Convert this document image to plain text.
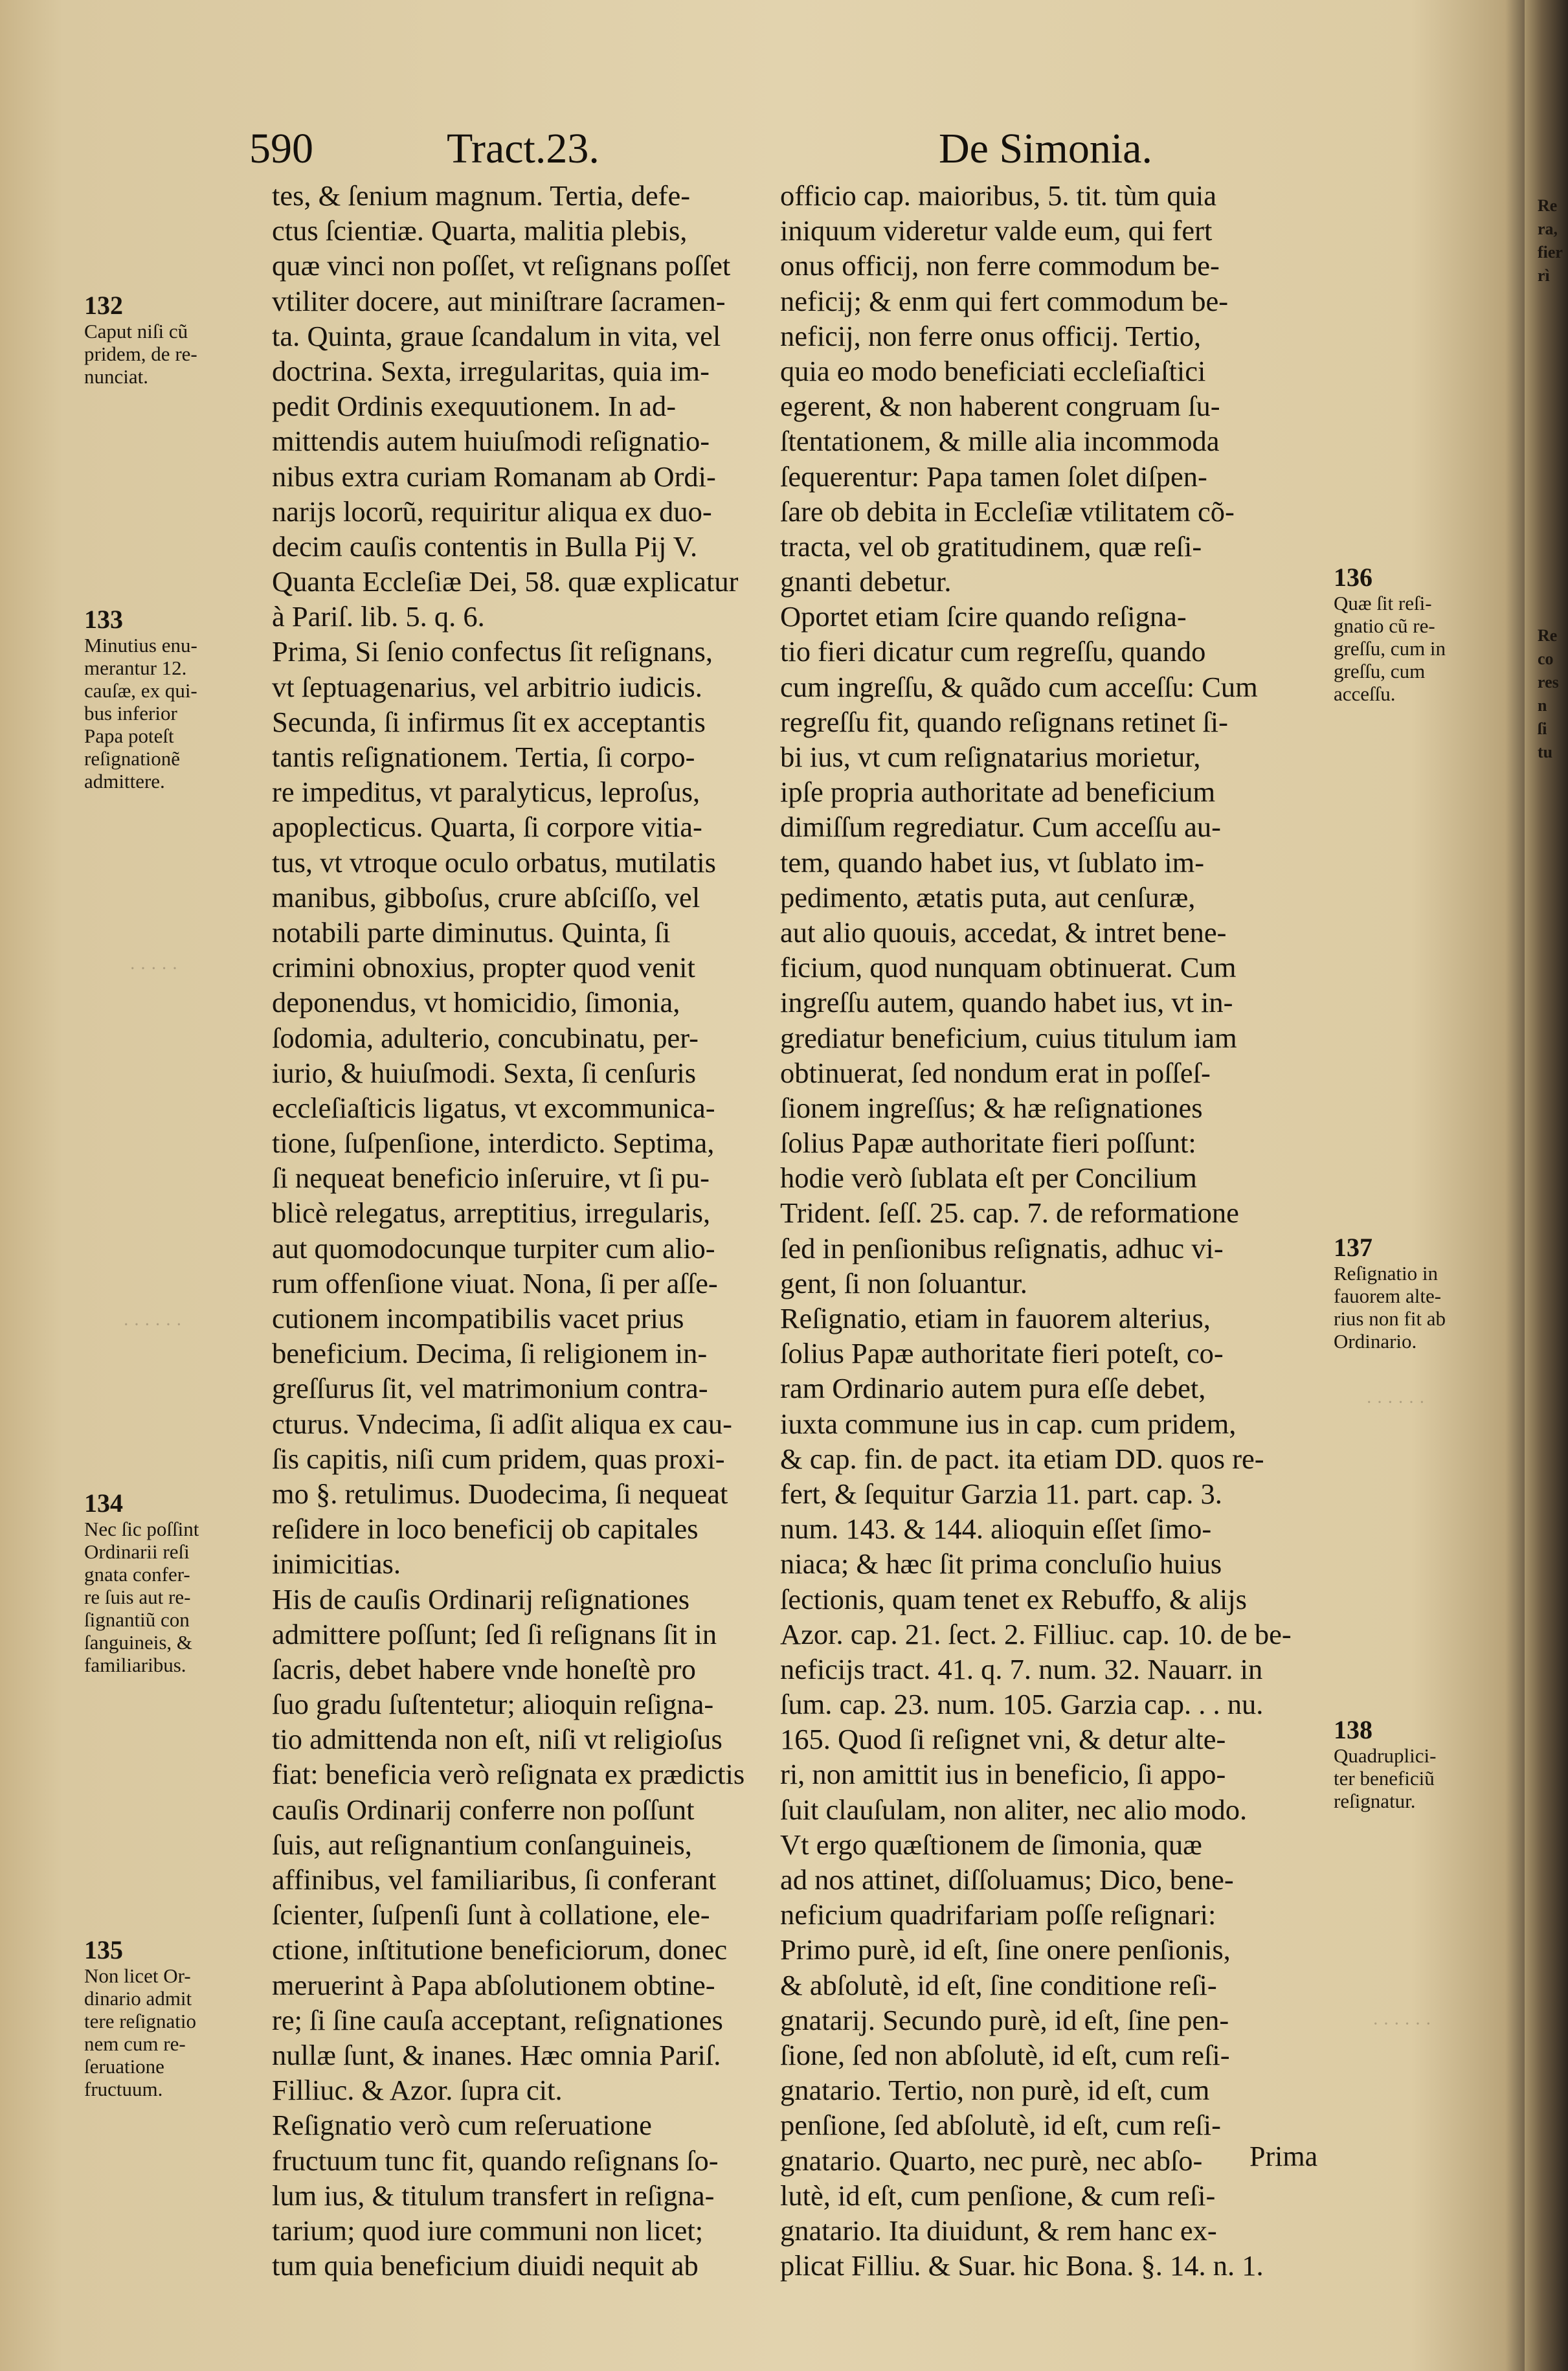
Re
ra,
fier
rì
Re
co
res
n
ſi
tu
590	Tract.23.	De Simonia.
tes, & ſenium magnum. Tertia, defe-
ctus ſcientiæ. Quarta, malitia plebis,
quæ vinci non poſſet, vt reſignans poſſet
vtiliter docere, aut miniſtrare ſacramen-
ta. Quinta, graue ſcandalum in vita, vel
doctrina. Sexta, irregularitas, quia im-
pedit Ordinis exequutionem. In ad-
mittendis autem huiuſmodi reſignatio-
nibus extra curiam Romanam ab Ordi-
narijs locorũ, requiritur aliqua ex duo-
decim cauſis contentis in Bulla Pij V.
Quanta Eccleſiæ Dei, 58. quæ explicatur
à Pariſ. lib. 5. q. 6.
Prima, Si ſenio confectus ſit reſignans,
vt ſeptuagenarius, vel arbitrio iudicis.
Secunda, ſi infirmus ſit ex acceptantis
tantis reſignationem. Tertia, ſi corpo-
re impeditus, vt paralyticus, leproſus,
apoplecticus. Quarta, ſi corpore vitia-
tus, vt vtroque oculo orbatus, mutilatis
manibus, gibboſus, crure abſciſſo, vel
notabili parte diminutus. Quinta, ſi
crimini obnoxius, propter quod venit
deponendus, vt homicidio, ſimonia,
ſodomia, adulterio, concubinatu, per-
iurio, & huiuſmodi. Sexta, ſi cenſuris
eccleſiaſticis ligatus, vt excommunica-
tione, ſuſpenſione, interdicto. Septima,
ſi nequeat beneficio inſeruire, vt ſi pu-
blicè relegatus, arreptitius, irregularis,
aut quomodocunque turpiter cum alio-
rum offenſione viuat. Nona, ſi per aſſe-
cutionem incompatibilis vacet prius
beneficium. Decima, ſi religionem in-
greſſurus ſit, vel matrimonium contra-
cturus. Vndecima, ſi adſit aliqua ex cau-
ſis capitis, niſi cum pridem, quas proxi-
mo §. retulimus. Duodecima, ſi nequeat
reſidere in loco beneficij ob capitales
inimicitias.
His de cauſis Ordinarij reſignationes
admittere poſſunt; ſed ſi reſignans ſit in
ſacris, debet habere vnde honeſtè pro
ſuo gradu ſuſtentetur; alioquin reſigna-
tio admittenda non eſt, niſi vt religioſus
fiat: beneficia verò reſignata ex prædictis
cauſis Ordinarij conferre non poſſunt
ſuis, aut reſignantium conſanguineis,
affinibus, vel familiaribus, ſi conferant
ſcienter, ſuſpenſi ſunt à collatione, ele-
ctione, inſtitutione beneficiorum, donec
meruerint à Papa abſolutionem obtine-
re; ſi ſine cauſa acceptant, reſignationes
nullæ ſunt, & inanes. Hæc omnia Pariſ.
Filliuc. & Azor. ſupra cit.
Reſignatio verò cum reſeruatione
fructuum tunc fit, quando reſignans ſo-
lum ius, & titulum transfert in reſigna-
tarium; quod iure communi non licet;
tum quia beneficium diuidi nequit ab
officio cap. maioribus, 5. tit. tùm quia
iniquum videretur valde eum, qui fert
onus officij, non ferre commodum be-
neficij; & enm qui fert commodum be-
neficij, non ferre onus officij. Tertio,
quia eo modo beneficiati eccleſiaſtici
egerent, & non haberent congruam ſu-
ſtentationem, & mille alia incommoda
ſequerentur: Papa tamen ſolet diſpen-
ſare ob debita in Eccleſiæ vtilitatem cõ-
tracta, vel ob gratitudinem, quæ reſi-
gnanti debetur.
Oportet etiam ſcire quando reſigna-
tio fieri dicatur cum regreſſu, quando
cum ingreſſu, & quãdo cum acceſſu: Cum
regreſſu fit, quando reſignans retinet ſi-
bi ius, vt cum reſignatarius morietur,
ipſe propria authoritate ad beneficium
dimiſſum regrediatur. Cum acceſſu au-
tem, quando habet ius, vt ſublato im-
pedimento, ætatis puta, aut cenſuræ,
aut alio quouis, accedat, & intret bene-
ficium, quod nunquam obtinuerat. Cum
ingreſſu autem, quando habet ius, vt in-
grediatur beneficium, cuius titulum iam
obtinuerat, ſed nondum erat in poſſeſ-
ſionem ingreſſus; & hæ reſignationes
ſolius Papæ authoritate fieri poſſunt:
hodie verò ſublata eſt per Concilium
Trident. ſeſſ. 25. cap. 7. de reformatione
ſed in penſionibus reſignatis, adhuc vi-
gent, ſi non ſoluantur.
Reſignatio, etiam in fauorem alterius,
ſolius Papæ authoritate fieri poteſt, co-
ram Ordinario autem pura eſſe debet,
iuxta commune ius in cap. cum pridem,
& cap. fin. de pact. ita etiam DD. quos re-
fert, & ſequitur Garzia 11. part. cap. 3.
num. 143. & 144. alioquin eſſet ſimo-
niaca; & hæc ſit prima concluſio huius
ſectionis, quam tenet ex Rebuffo, & alijs
Azor. cap. 21. ſect. 2. Filliuc. cap. 10. de be-
neficijs tract. 41. q. 7. num. 32. Nauarr. in
ſum. cap. 23. num. 105. Garzia cap. . . nu.
165. Quod ſi reſignet vni, & detur alte-
ri, non amittit ius in beneficio, ſi appo-
ſuit clauſulam, non aliter, nec alio modo.
Vt ergo quæſtionem de ſimonia, quæ
ad nos attinet, diſſoluamus; Dico, bene-
neficium quadrifariam poſſe reſignari:
Primo purè, id eſt, ſine onere penſionis,
& abſolutè, id eſt, ſine conditione reſi-
gnatarij. Secundo purè, id eſt, ſine pen-
ſione, ſed non abſolutè, id eſt, cum reſi-
gnatario. Tertio, non purè, id eſt, cum
penſione, ſed abſolutè, id eſt, cum reſi-
gnatario. Quarto, nec purè, nec abſo-
lutè, id eſt, cum penſione, & cum reſi-
gnatario. Ita diuidunt, & rem hanc ex-
plicat Filliu. & Suar. hic Bona. §. 14. n. 1.
132
Caput niſi cũ
pridem, de re-
nunciat.
133
Minutius enu-
merantur 12.
cauſæ, ex qui-
bus inferior
Papa poteſt
reſignationẽ
admittere.
134
Nec ſic poſſint
Ordinarii reſi
gnata confer-
re ſuis aut re-
ſignantiũ con
ſanguineis, &
familiaribus.
135
Non licet Or-
dinario admit
tere reſignatio
nem cum re-
ſeruatione
fructuum.
136
Quæ ſit reſi-
gnatio cũ re-
greſſu, cum in
greſſu, cum
acceſſu.
137
Reſignatio in
fauorem alte-
rius non fit ab
Ordinario.
138
Quadruplici-
ter beneficiũ
reſignatur.
· · · · ·
· · · · · ·
· · · · · ·
· · · · · ·
Prima
